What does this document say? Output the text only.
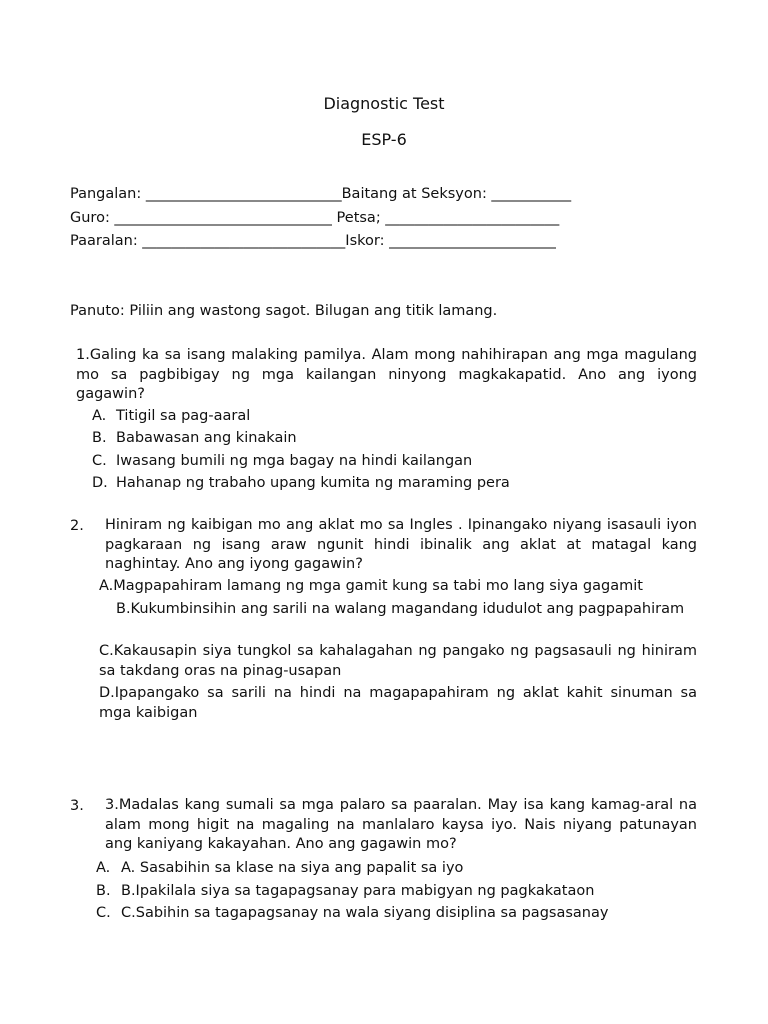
Diagnostic Test
ESP-6
Pangalan: ___________________________Baitang at Seksyon: ___________
Guro: ______________________________ Petsa; ________________________
Paaralan: ____________________________Iskor: _______________________
Panuto: Piliin ang wastong sagot. Bilugan ang titik lamang.
1.Galing ka sa isang malaking pamilya. Alam mong nahihirapan ang mga magulang mo sa pagbibigay ng mga kailangan ninyong magkakapatid. Ano ang iyong gagawin?
A. Titigil sa pag-aaral
B. Babawasan ang kinakain
C. Iwasang bumili ng mga bagay na hindi kailangan
D. Hahanap ng trabaho upang kumita ng maraming pera
2. Hiniram ng kaibigan mo ang aklat mo sa Ingles . Ipinangako niyang isasauli iyon pagkaraan ng isang araw ngunit hindi ibinalik ang aklat at matagal kang naghintay. Ano ang iyong gagawin?
A.Magpapahiram lamang ng mga gamit kung sa tabi mo lang siya gagamit
B.Kukumbinsihin ang sarili na walang magandang idudulot ang pagpapahiram
C.Kakausapin siya tungkol sa kahalagahan ng pangako ng pagsasauli ng hiniram sa takdang oras na pinag-usapan
D.Ipapangako sa sarili na hindi na magapapahiram ng aklat kahit sinuman sa mga kaibigan
3. 3.Madalas kang sumali sa mga palaro sa paaralan. May isa kang kamag-aral na alam mong higit na magaling na manlalaro kaysa iyo. Nais niyang patunayan ang kaniyang kakayahan. Ano ang gagawin mo?
A. A. Sasabihin sa klase na siya ang papalit sa iyo
B. B.Ipakilala siya sa tagapagsanay para mabigyan ng pagkakataon
C. C.Sabihin sa tagapagsanay na wala siyang disiplina sa pagsasanay
